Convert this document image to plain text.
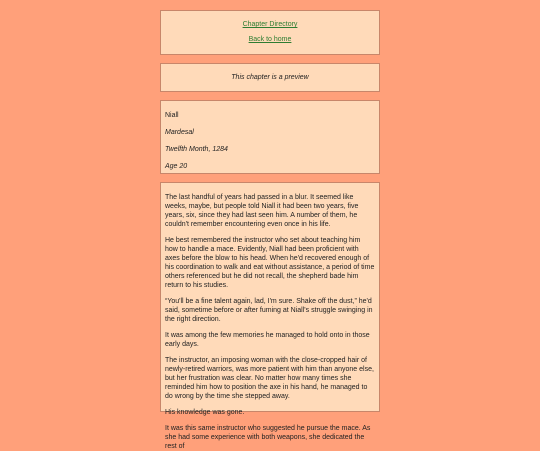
Chapter Directory
Back to home
This chapter is a preview

Niall

Mardesal

Twelfth Month, 1284

Age 20

The last handful of years had passed in a blur. It seemed like weeks, maybe, but people told Niall it had been two years, five years, six, since they had last seen him. A number of them, he couldn't remember encountering even once in his life.

He best remembered the instructor who set about teaching him how to handle a mace. Evidently, Niall had been proficient with axes before the blow to his head. When he'd recovered enough of his coordination to walk and eat without assistance, a period of time others referenced but he did not recall, the shepherd bade him return to his studies.

“You'll be a fine talent again, lad, I'm sure. Shake off the dust,” he'd said, sometime before or after fuming at Niall's struggle swinging in the right direction.

It was among the few memories he managed to hold onto in those early days.

The instructor, an imposing woman with the close-cropped hair of newly-retired warriors, was more patient with him than anyone else, but her frustration was clear. No matter how many times she reminded him how to position the axe in his hand, he managed to do wrong by the time she stepped away.

His knowledge was gone.

It was this same instructor who suggested he pursue the mace. As she had some experience with both weapons, she dedicated the rest of
